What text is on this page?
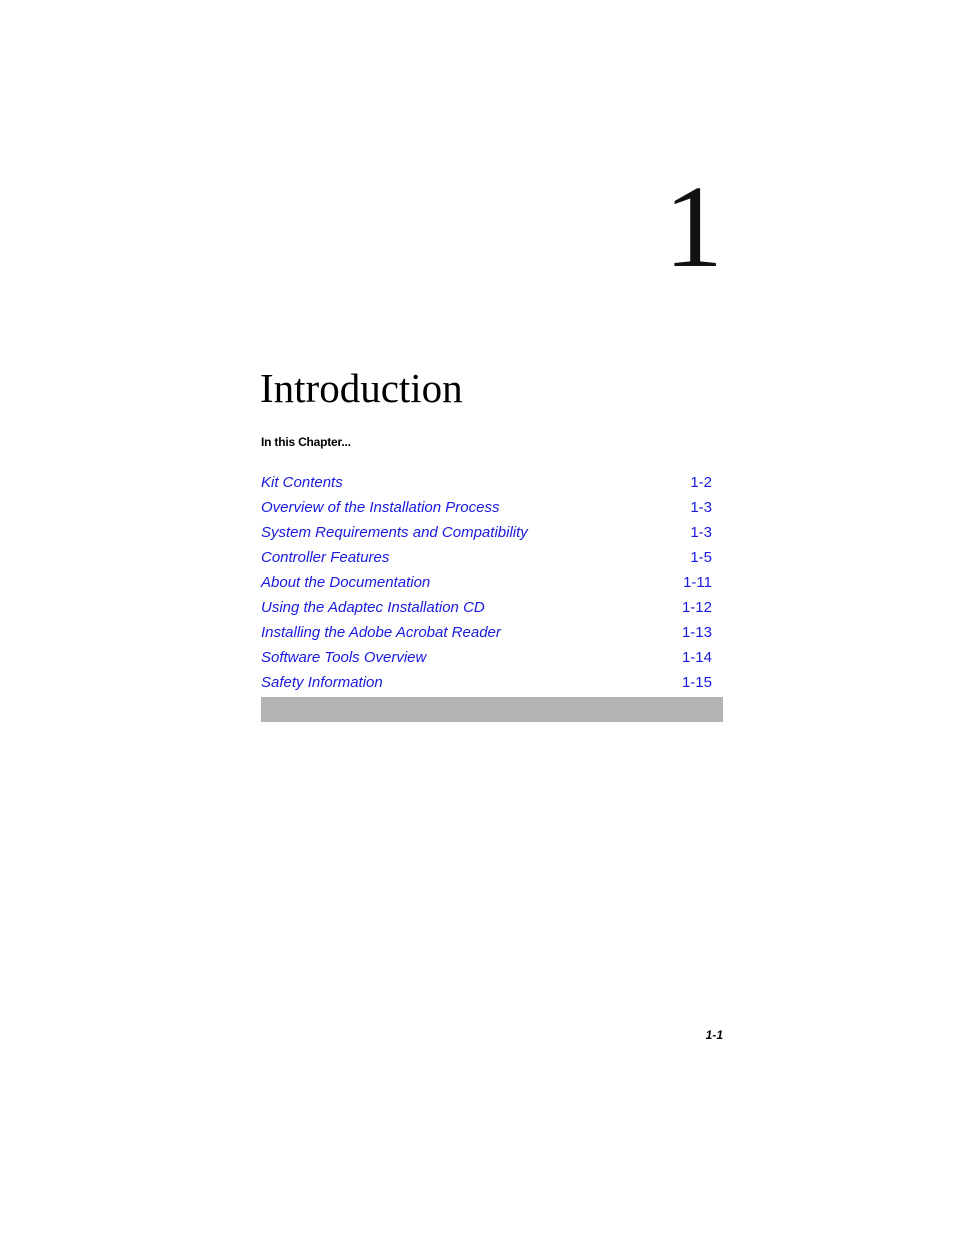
1
Introduction
In this Chapter...
Kit Contents	1-2
Overview of the Installation Process	1-3
System Requirements and Compatibility	1-3
Controller Features	1-5
About the Documentation	1-11
Using the Adaptec Installation CD	1-12
Installing the Adobe Acrobat Reader	1-13
Software Tools Overview	1-14
Safety Information	1-15
1-1
